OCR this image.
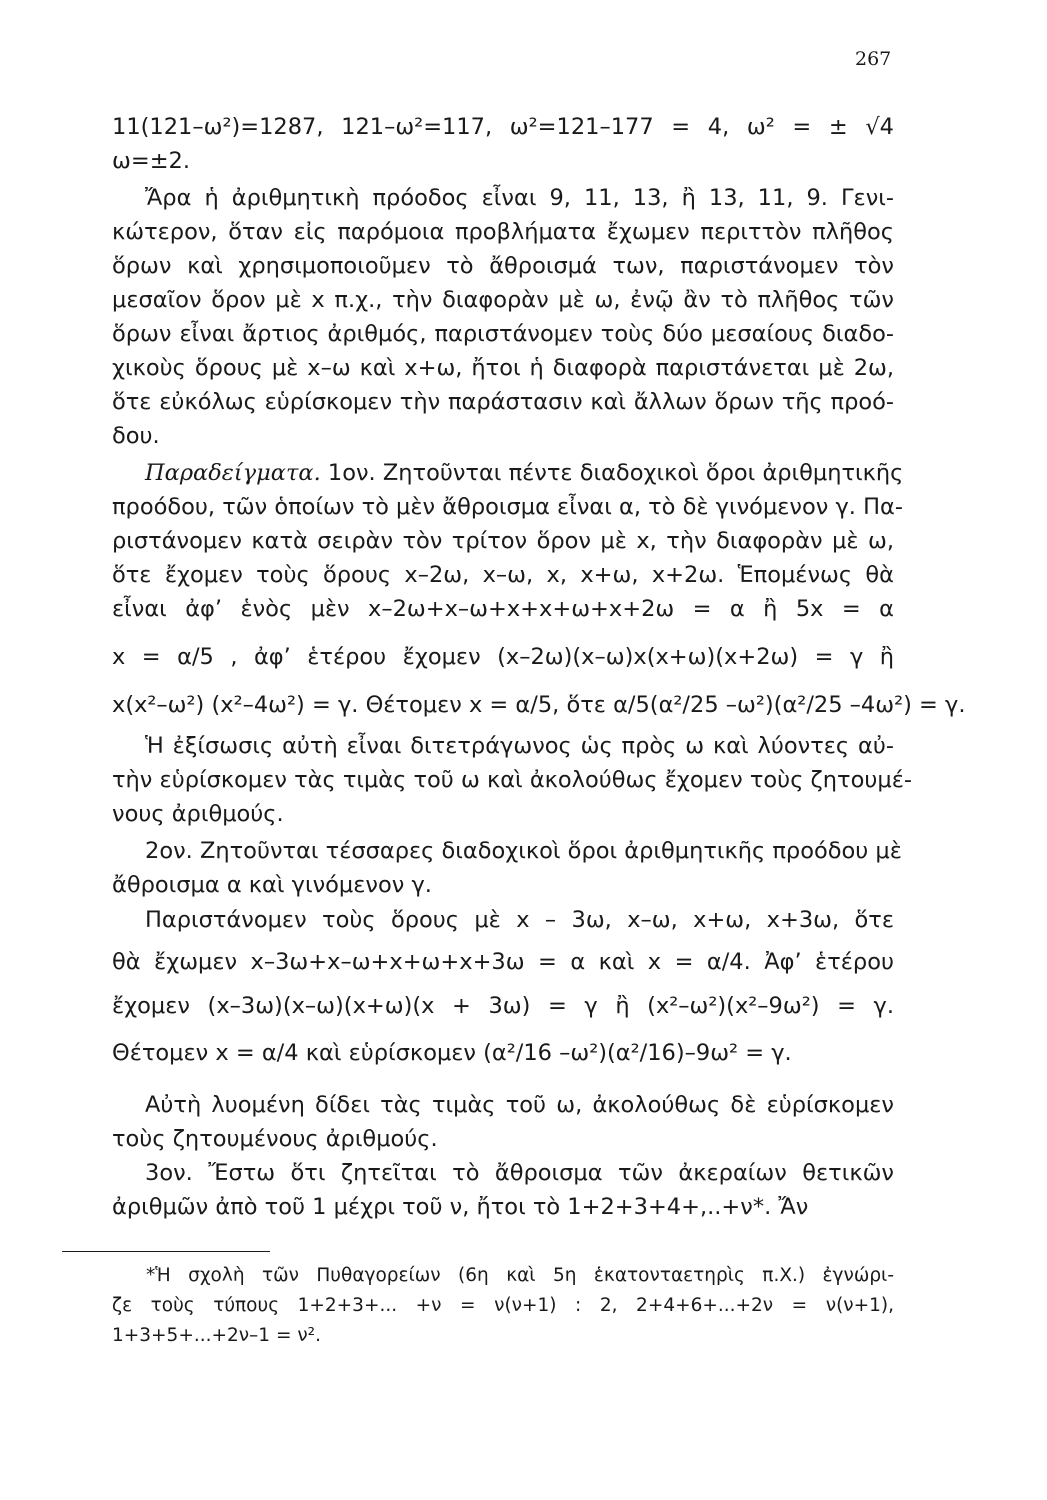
267
11(121–ω²)=1287, 121–ω²=117, ω²=121–177 = 4, ω² = ± √4
ω=±2.
Ἄρα ἡ ἀριθμητικὴ πρόοδος εἶναι 9, 11, 13, ἢ 13, 11, 9. Γενι-
κώτερον, ὅταν εἰς παρόμοια προβλήματα ἔχωμεν περιττὸν πλῆθος
ὅρων καὶ χρησιμοποιοῦμεν τὸ ἄθροισμά των, παριστάνομεν τὸν
μεσαῖον ὅρον μὲ x π.χ., τὴν διαφορὰν μὲ ω, ἐνῷ ἂν τὸ πλῆθος τῶν
ὅρων εἶναι ἄρτιος ἀριθμός, παριστάνομεν τοὺς δύο μεσαίους διαδο-
χικοὺς ὅρους μὲ x–ω καὶ x+ω, ἤτοι ἡ διαφορὰ παριστάνεται μὲ 2ω,
ὅτε εὐκόλως εὑρίσκομεν τὴν παράστασιν καὶ ἄλλων ὅρων τῆς προό-
δου.
Παραδείγματα. 1ον. Ζητοῦνται πέντε διαδοχικοὶ ὅροι ἀριθμητικῆς
προόδου, τῶν ὁποίων τὸ μὲν ἄθροισμα εἶναι α, τὸ δὲ γινόμενον γ. Πα-
ριστάνομεν κατὰ σειρὰν τὸν τρίτον ὅρον μὲ x, τὴν διαφορὰν μὲ ω,
ὅτε ἔχομεν τοὺς ὅρους x–2ω, x–ω, x, x+ω, x+2ω. Ἑπομένως θὰ
εἶναι ἀφ’ ἑνὸς μὲν x–2ω+x–ω+x+x+ω+x+2ω = α ἢ 5x = α
x = α/5 , ἀφ’ ἑτέρου ἔχομεν (x–2ω)(x–ω)x(x+ω)(x+2ω) = γ ἢ
x(x²–ω²) (x²–4ω²) = γ. Θέτομεν x = α/5, ὅτε α/5(α²/25 –ω²)(α²/25 –4ω²) = γ.
Ἡ ἐξίσωσις αὐτὴ εἶναι διτετράγωνος ὡς πρὸς ω καὶ λύοντες αὐ-
τὴν εὑρίσκομεν τὰς τιμὰς τοῦ ω καὶ ἀκολούθως ἔχομεν τοὺς ζητουμέ-
νους ἀριθμούς.
2ον. Ζητοῦνται τέσσαρες διαδοχικοὶ ὅροι ἀριθμητικῆς προόδου μὲ
ἄθροισμα α καὶ γινόμενον γ.
Παριστάνομεν τοὺς ὅρους μὲ x – 3ω, x–ω, x+ω, x+3ω, ὅτε
θὰ ἔχωμεν x–3ω+x–ω+x+ω+x+3ω = α καὶ x = α/4. Ἀφ’ ἑτέρου
ἔχομεν (x–3ω)(x–ω)(x+ω)(x + 3ω) = γ ἢ (x²–ω²)(x²–9ω²) = γ.
Θέτομεν x = α/4 καὶ εὑρίσκομεν (α²/16 –ω²)(α²/16)–9ω² = γ.
Αὐτὴ λυομένη δίδει τὰς τιμὰς τοῦ ω, ἀκολούθως δὲ εὑρίσκομεν
τοὺς ζητουμένους ἀριθμούς.
3ον. Ἔστω ὅτι ζητεῖται τὸ ἄθροισμα τῶν ἀκεραίων θετικῶν
ἀριθμῶν ἀπὸ τοῦ 1 μέχρι τοῦ ν, ἤτοι τὸ 1+2+3+4+,..+ν*. Ἄν
*Ἡ σχολὴ τῶν Πυθαγορείων (6η καὶ 5η ἑκατονταετηρὶς π.Χ.) ἐγνώρι-
ζε τοὺς τύπους 1+2+3+... +ν = ν(ν+1) : 2, 2+4+6+...+2ν = ν(ν+1),
1+3+5+...+2ν–1 = ν².
